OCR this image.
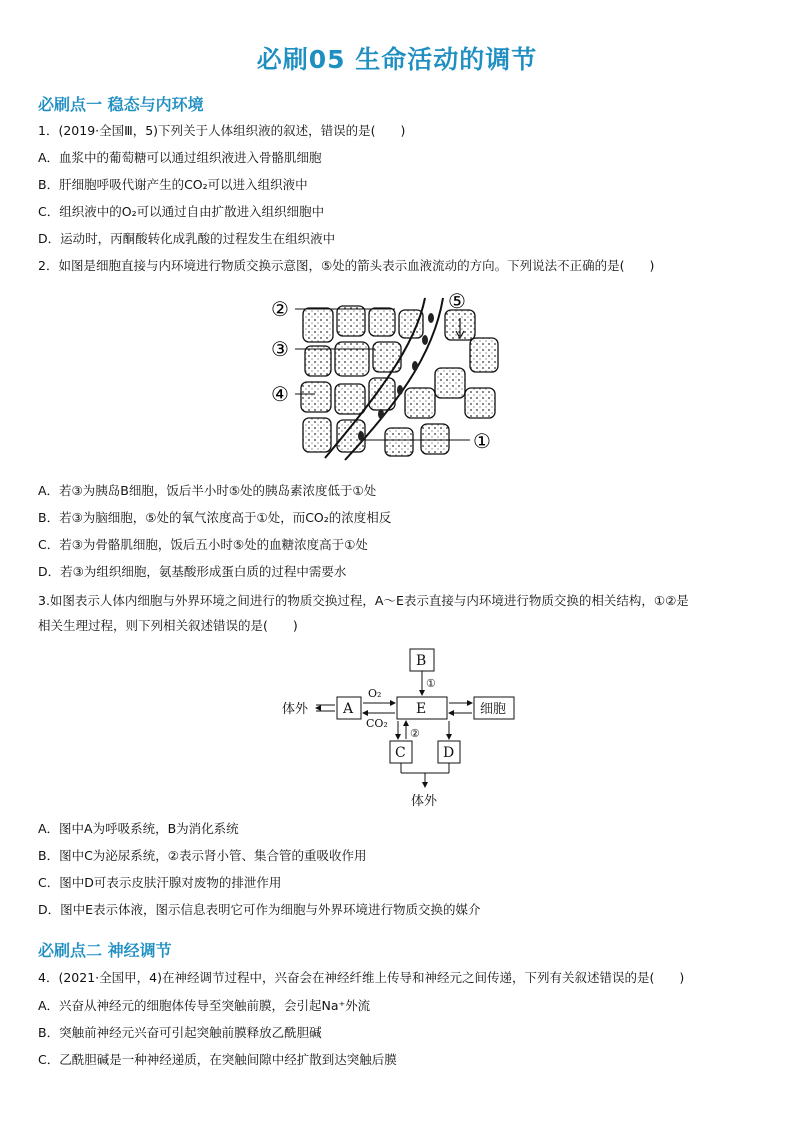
必刷05 生命活动的调节
必刷点一 稳态与内环境
1．(2019·全国Ⅲ，5)下列关于人体组织液的叙述，错误的是(　　)
A．血浆中的葡萄糖可以通过组织液进入骨骼肌细胞
B．肝细胞呼吸代谢产生的CO₂可以进入组织液中
C．组织液中的O₂可以通过自由扩散进入组织细胞中
D．运动时，丙酮酸转化成乳酸的过程发生在组织液中
2．如图是细胞直接与内环境进行物质交换示意图，⑤处的箭头表示血液流动的方向。下列说法不正确的是(　　)
②
③
④
⑤
①
A．若③为胰岛B细胞，饭后半小时⑤处的胰岛素浓度低于①处
B．若③为脑细胞，⑤处的氧气浓度高于①处，而CO₂的浓度相反
C．若③为骨骼肌细胞，饭后五小时⑤处的血糖浓度高于①处
D．若③为组织细胞，氨基酸形成蛋白质的过程中需要水
3.如图表示人体内细胞与外界环境之间进行的物质交换过程，A～E表示直接与内环境进行物质交换的相关结构，①②是
相关生理过程，则下列相关叙述错误的是(　　)
B
A	E
C	D
体外	细胞
体外
O₂
CO₂
①
②
A．图中A为呼吸系统，B为消化系统
B．图中C为泌尿系统，②表示肾小管、集合管的重吸收作用
C．图中D可表示皮肤汗腺对废物的排泄作用
D．图中E表示体液，图示信息表明它可作为细胞与外界环境进行物质交换的媒介
必刷点二 神经调节
4．(2021·全国甲，4)在神经调节过程中，兴奋会在神经纤维上传导和神经元之间传递，下列有关叙述错误的是(　　)
A．兴奋从神经元的细胞体传导至突触前膜，会引起Na⁺外流
B．突触前神经元兴奋可引起突触前膜释放乙酰胆碱
C．乙酰胆碱是一种神经递质，在突触间隙中经扩散到达突触后膜
